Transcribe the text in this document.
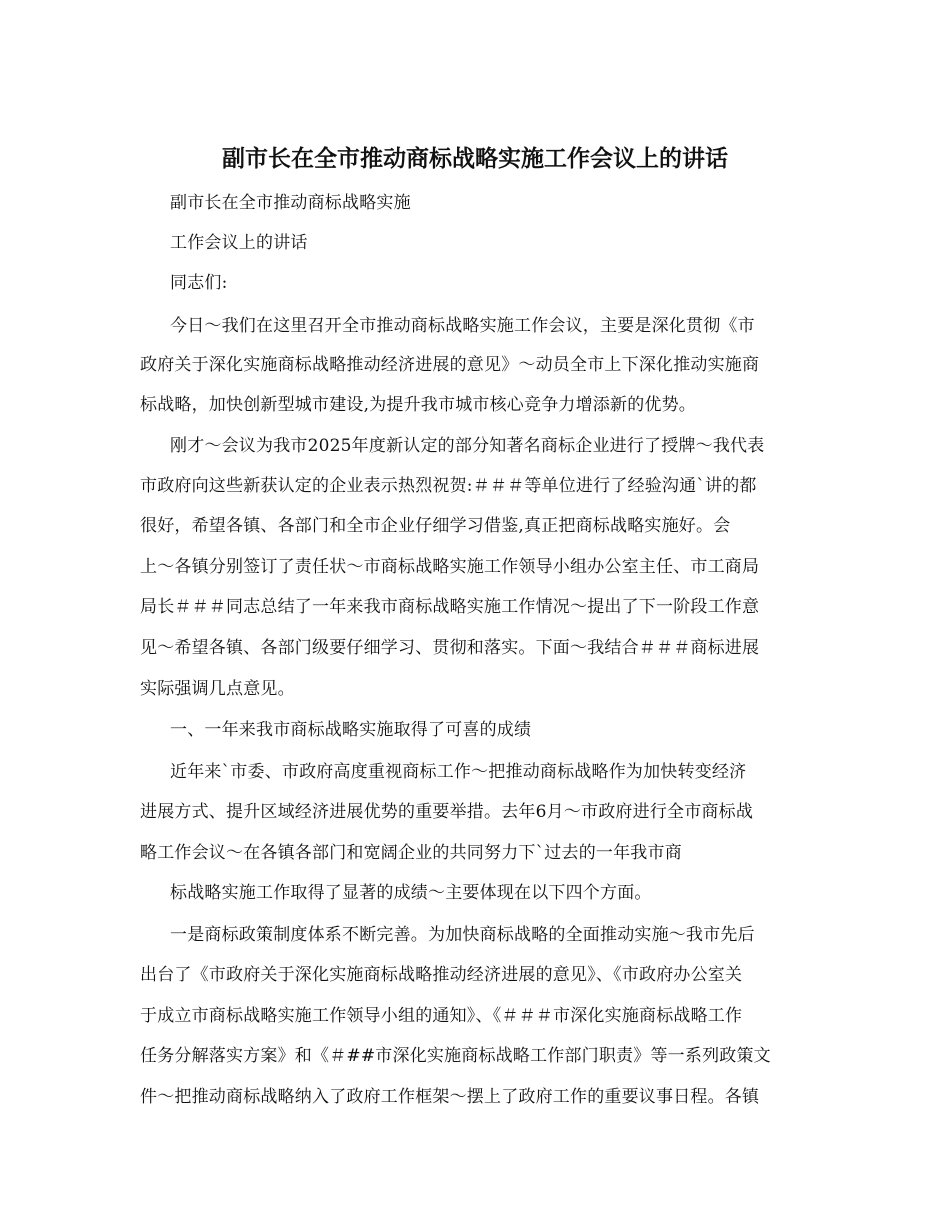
副市长在全市推动商标战略实施工作会议上的讲话
副市长在全市推动商标战略实施
工作会议上的讲话
同志们:
今日～我们在这里召开全市推动商标战略实施工作会议，主要是深化贯彻《市
政府关于深化实施商标战略推动经济进展的意见》～动员全市上下深化推动实施商
标战略，加快创新型城市建设,为提升我市城市核心竞争力增添新的优势。
刚才～会议为我市2025年度新认定的部分知著名商标企业进行了授牌～我代表
市政府向这些新获认定的企业表示热烈祝贺:＃＃＃等单位进行了经验沟通`讲的都
很好，希望各镇、各部门和全市企业仔细学习借鉴,真正把商标战略实施好。会
上～各镇分别签订了责任状～市商标战略实施工作领导小组办公室主任、市工商局
局长＃＃＃同志总结了一年来我市商标战略实施工作情况～提出了下一阶段工作意
见～希望各镇、各部门级要仔细学习、贯彻和落实。下面～我结合＃＃＃商标进展
实际强调几点意见。
一、一年来我市商标战略实施取得了可喜的成绩
近年来`市委、市政府高度重视商标工作～把推动商标战略作为加快转变经济
进展方式、提升区域经济进展优势的重要举措。去年6月～市政府进行全市商标战
略工作会议～在各镇各部门和宽阔企业的共同努力下`过去的一年我市商
标战略实施工作取得了显著的成绩～主要体现在以下四个方面。
一是商标政策制度体系不断完善。为加快商标战略的全面推动实施～我市先后
出台了《市政府关于深化实施商标战略推动经济进展的意见》、《市政府办公室关
于成立市商标战略实施工作领导小组的通知》、《＃＃＃市深化实施商标战略工作
任务分解落实方案》和《＃##市深化实施商标战略工作部门职责》等一系列政策文
件～把推动商标战略纳入了政府工作框架～摆上了政府工作的重要议事日程。各镇
